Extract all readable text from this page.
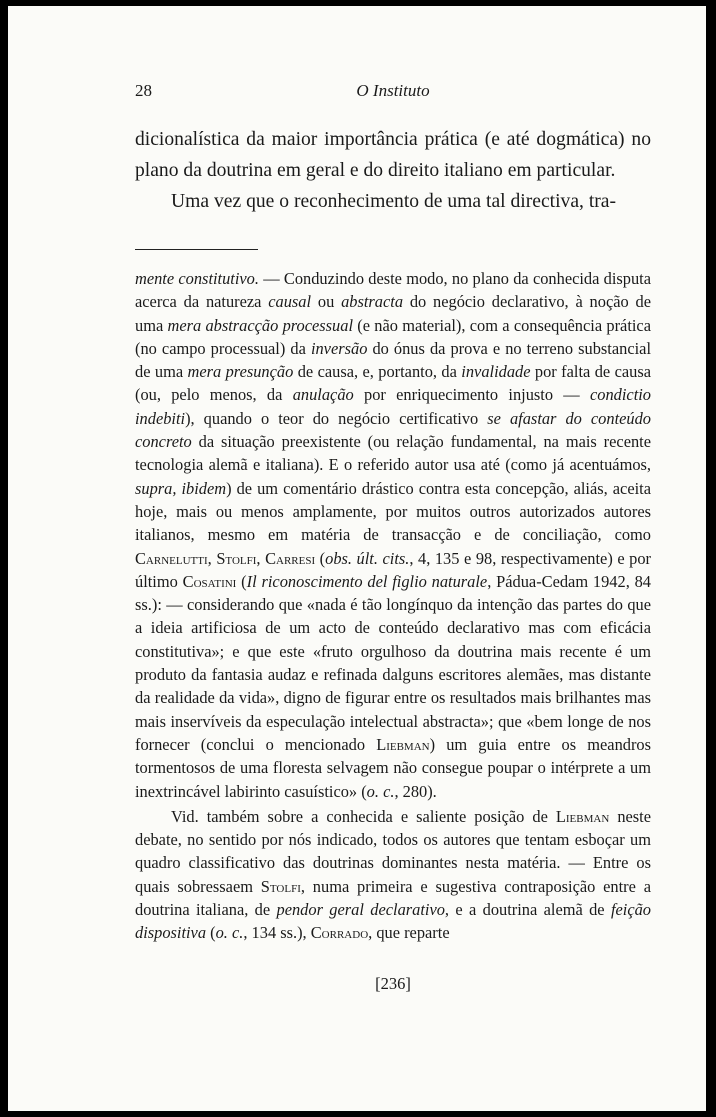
28	O Instituto

dicionalística da maior importância prática (e até dogmática) no plano da doutrina em geral e do direito italiano em particular.

Uma vez que o reconhecimento de uma tal directiva, tra-

mente constitutivo. — Conduzindo deste modo, no plano da conhecida disputa acerca da natureza causal ou abstracta do negócio declarativo, à noção de uma mera abstracção processual (e não material), com a consequência prática (no campo processual) da inversão do ónus da prova e no terreno substancial de uma mera presunção de causa, e, portanto, da invalidade por falta de causa (ou, pelo menos, da anulação por enriquecimento injusto — condictio indebiti), quando o teor do negócio certificativo se afastar do conteúdo concreto da situação preexistente (ou relação fundamental, na mais recente tecnologia alemã e italiana). E o referido autor usa até (como já acentuámos, supra, ibidem) de um comentário drástico contra esta concepção, aliás, aceita hoje, mais ou menos amplamente, por muitos outros autorizados autores italianos, mesmo em matéria de transacção e de conciliação, como Carnelutti, Stolfi, Carresi (obs. últ. cits., 4, 135 e 98, respectivamente) e por último Cosatini (Il riconoscimento del figlio naturale, Pádua-Cedam 1942, 84 ss.): — considerando que «nada é tão longínquo da intenção das partes do que a ideia artificiosa de um acto de conteúdo declarativo mas com eficácia constitutiva»; e que este «fruto orgulhoso da doutrina mais recente é um produto da fantasia audaz e refinada dalguns escritores alemães, mas distante da realidade da vida», digno de figurar entre os resultados mais brilhantes mas mais inservíveis da especulação intelectual abstracta»; que «bem longe de nos fornecer (conclui o mencionado Liebman) um guia entre os meandros tormentosos de uma floresta selvagem não consegue poupar o intérprete a um inextrincável labirinto casuístico» (o. c., 280).

Vid. também sobre a conhecida e saliente posição de Liebman neste debate, no sentido por nós indicado, todos os autores que tentam esboçar um quadro classificativo das doutrinas dominantes nesta matéria. — Entre os quais sobressaem Stolfi, numa primeira e sugestiva contraposição entre a doutrina italiana, de pendor geral declarativo, e a doutrina alemã de feição dispositiva (o. c., 134 ss.), Corrado, que reparte

[236]
